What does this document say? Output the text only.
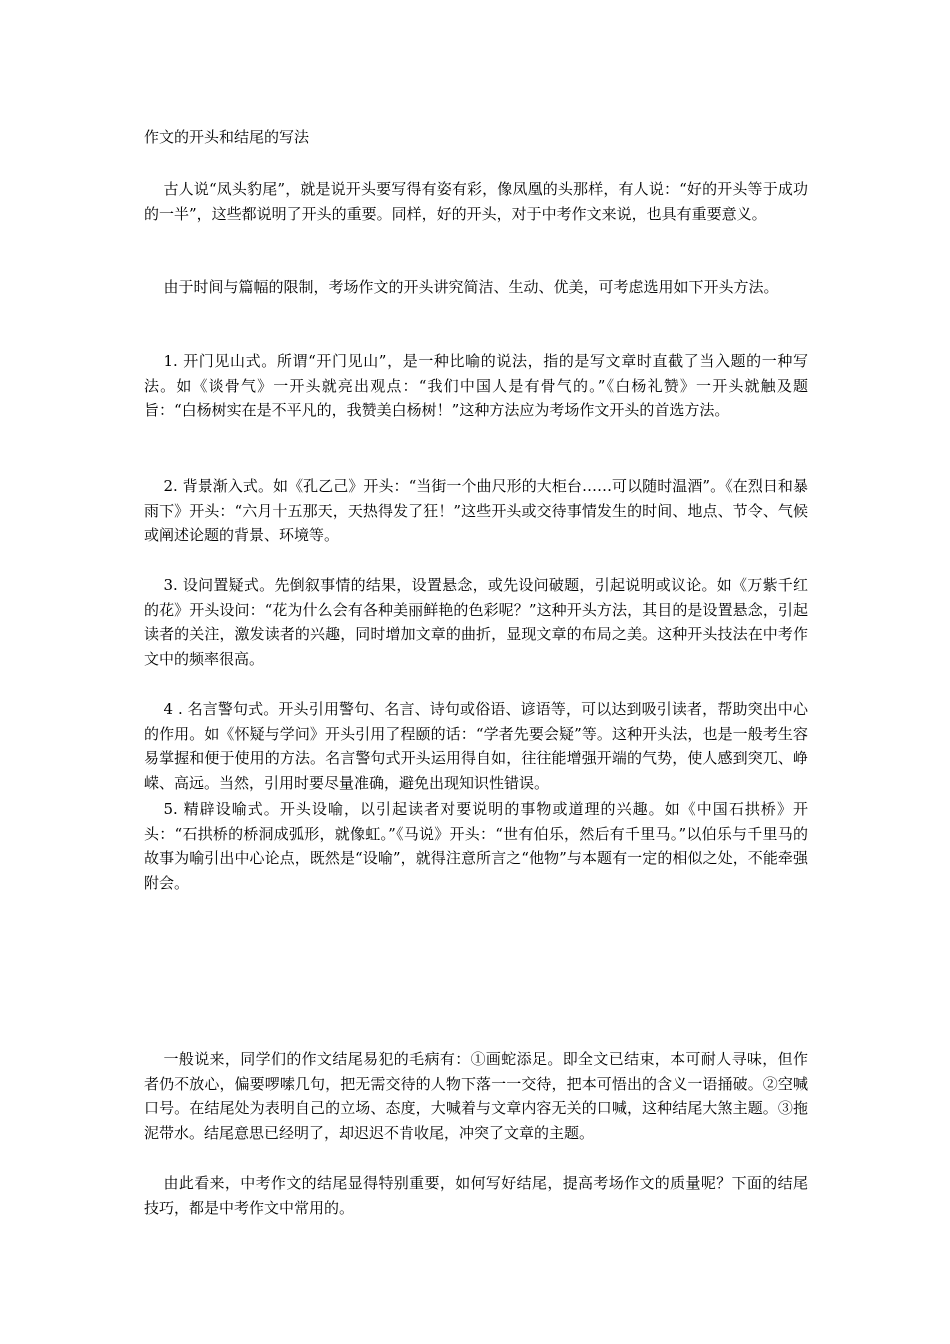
作文的开头和结尾的写法

古人说“凤头豹尾”，就是说开头要写得有姿有彩，像凤凰的头那样，有人说：“好的开头等于成功的一半”，这些都说明了开头的重要。同样，好的开头，对于中考作文来说，也具有重要意义。

由于时间与篇幅的限制，考场作文的开头讲究简洁、生动、优美，可考虑选用如下开头方法。

1. 开门见山式。所谓“开门见山”，是一种比喻的说法，指的是写文章时直截了当入题的一种写法。如《谈骨气》一开头就亮出观点：“我们中国人是有骨气的。”《白杨礼赞》一开头就触及题旨：“白杨树实在是不平凡的，我赞美白杨树！”这种方法应为考场作文开头的首选方法。

2. 背景渐入式。如《孔乙己》开头：“当街一个曲尺形的大柜台……可以随时温酒”。《在烈日和暴雨下》开头：“六月十五那天，天热得发了狂！”这些开头或交待事情发生的时间、地点、节令、气候或阐述论题的背景、环境等。

3. 设问置疑式。先倒叙事情的结果，设置悬念，或先设问破题，引起说明或议论。如《万紫千红的花》开头设问：“花为什么会有各种美丽鲜艳的色彩呢？”这种开头方法，其目的是设置悬念，引起读者的关注，激发读者的兴趣，同时增加文章的曲折，显现文章的布局之美。这种开头技法在中考作文中的频率很高。

4 . 名言警句式。开头引用警句、名言、诗句或俗语、谚语等，可以达到吸引读者，帮助突出中心的作用。如《怀疑与学问》开头引用了程颐的话：“学者先要会疑”等。这种开头法，也是一般考生容易掌握和便于使用的方法。名言警句式开头运用得自如，往往能增强开端的气势，使人感到突兀、峥嵘、高远。当然，引用时要尽量准确，避免出现知识性错误。

5. 精辟设喻式。开头设喻，以引起读者对要说明的事物或道理的兴趣。如《中国石拱桥》开头：“石拱桥的桥洞成弧形，就像虹。”《马说》开头：“世有伯乐，然后有千里马。”以伯乐与千里马的故事为喻引出中心论点，既然是“设喻”，就得注意所言之“他物”与本题有一定的相似之处，不能牵强附会。

一般说来，同学们的作文结尾易犯的毛病有：①画蛇添足。即全文已结束，本可耐人寻味，但作者仍不放心，偏要啰嗦几句，把无需交待的人物下落一一交待，把本可悟出的含义一语捅破。②空喊口号。在结尾处为表明自己的立场、态度，大喊着与文章内容无关的口喊，这种结尾大煞主题。③拖泥带水。结尾意思已经明了，却迟迟不肯收尾，冲突了文章的主题。

由此看来，中考作文的结尾显得特别重要，如何写好结尾，提高考场作文的质量呢？下面的结尾技巧，都是中考作文中常用的。
